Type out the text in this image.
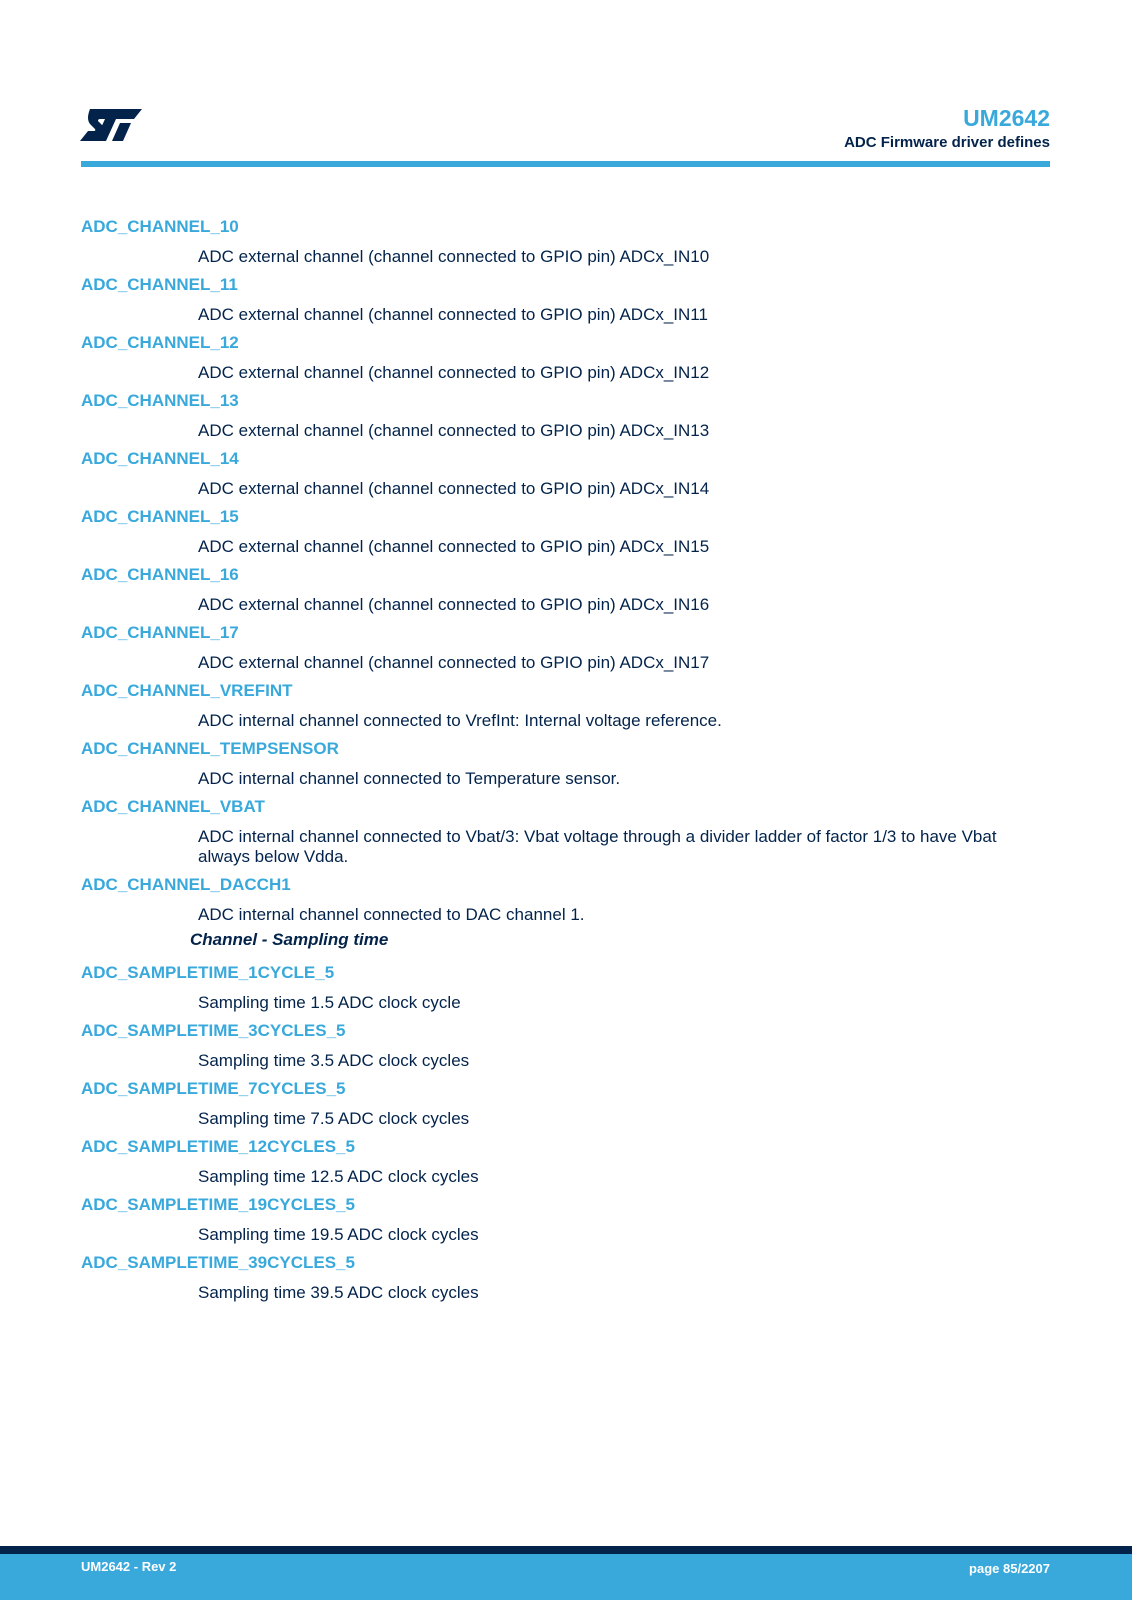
UM2642
ADC Firmware driver defines
ADC_CHANNEL_10
ADC external channel (channel connected to GPIO pin) ADCx_IN10
ADC_CHANNEL_11
ADC external channel (channel connected to GPIO pin) ADCx_IN11
ADC_CHANNEL_12
ADC external channel (channel connected to GPIO pin) ADCx_IN12
ADC_CHANNEL_13
ADC external channel (channel connected to GPIO pin) ADCx_IN13
ADC_CHANNEL_14
ADC external channel (channel connected to GPIO pin) ADCx_IN14
ADC_CHANNEL_15
ADC external channel (channel connected to GPIO pin) ADCx_IN15
ADC_CHANNEL_16
ADC external channel (channel connected to GPIO pin) ADCx_IN16
ADC_CHANNEL_17
ADC external channel (channel connected to GPIO pin) ADCx_IN17
ADC_CHANNEL_VREFINT
ADC internal channel connected to VrefInt: Internal voltage reference.
ADC_CHANNEL_TEMPSENSOR
ADC internal channel connected to Temperature sensor.
ADC_CHANNEL_VBAT
ADC internal channel connected to Vbat/3: Vbat voltage through a divider ladder of factor 1/3 to have Vbat always below Vdda.
ADC_CHANNEL_DACCH1
ADC internal channel connected to DAC channel 1.
Channel - Sampling time
ADC_SAMPLETIME_1CYCLE_5
Sampling time 1.5 ADC clock cycle
ADC_SAMPLETIME_3CYCLES_5
Sampling time 3.5 ADC clock cycles
ADC_SAMPLETIME_7CYCLES_5
Sampling time 7.5 ADC clock cycles
ADC_SAMPLETIME_12CYCLES_5
Sampling time 12.5 ADC clock cycles
ADC_SAMPLETIME_19CYCLES_5
Sampling time 19.5 ADC clock cycles
ADC_SAMPLETIME_39CYCLES_5
Sampling time 39.5 ADC clock cycles
UM2642 - Rev 2	page 85/2207
